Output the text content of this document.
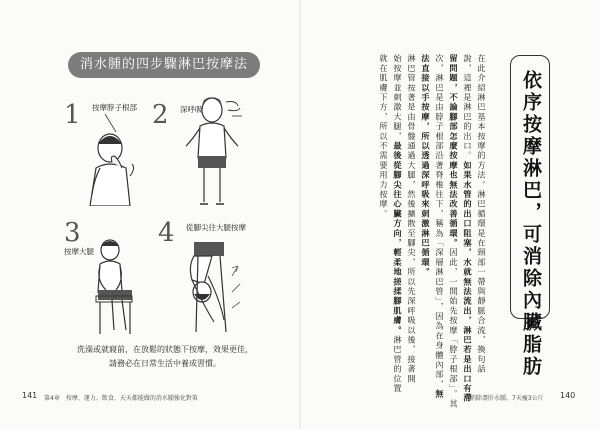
消水腫的四步驟淋巴按摩法
1 按摩脖子根部 2 深呼吸
3
按摩大腿
4 從腳尖往大腿按摩
洗澡或就寢前，在放鬆的狀態下按摩，效果更佳，
請務必在日常生活中養成習慣。
141 第4章　按摩、運力、飲食、天天都能做的消水腫強化對策
依序按摩淋巴，可消除內臟脂肪
在此介紹淋巴基本按摩的方法。淋巴循環是在頸部一帶與靜脈合流，換句話
說，這裡是淋巴的出口。如果水管的出口阻塞，水就無法流出，淋巴若是出口有滯
留問題，不論腳部怎麼按摩也無法改善循環。因此，一開始先按摩「脖子根部」。其
次，淋巴是由脖子根部沿著脊椎往下，稱為「深層淋巴管」，因為在身體內部，無
法直接以手按摩，所以透過深呼吸來刺激淋巴循環。
淋巴管按著是由骨盤通過大腿，然後擴散至腳尖，所以先深呼吸以後，接著開
始按摩並刺激大腿，最後從腳尖往心臟方向，輕柔地搓揉腳肌膚。淋巴管的位置
就在肌膚下方，所以不需要用力按摩。
消除盡肝水腫，7天瘦3公斤 140
